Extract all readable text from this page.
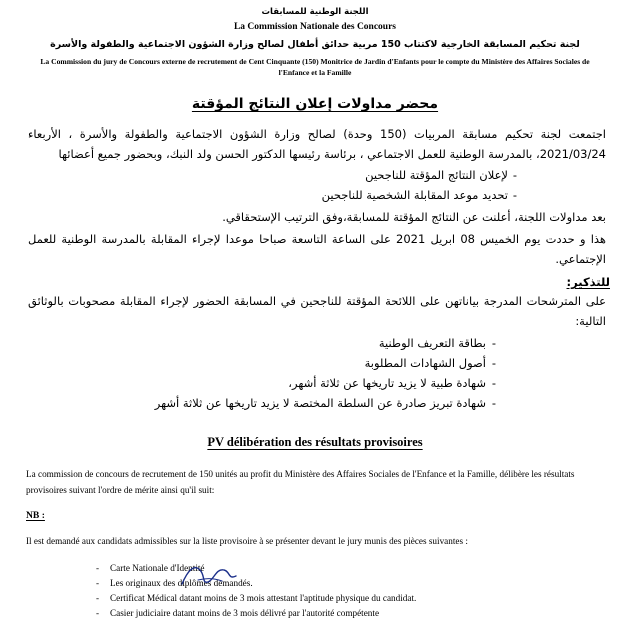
اللجنة الوطنية للمسابقات
La Commission Nationale des Concours
لجنة تحكيم المسابقة الخارجية لاكتتاب 150 مربية حدائق أطفال لصالح وزارة الشؤون الاجتماعية والطفولة والأسرة
La Commission du jury de Concours externe de recrutement de Cent Cinquante (150) Monitrice de Jardin d'Enfants pour le compte du Ministère des Affaires Sociales de l'Enfance et la Famille
محضر مداولات إعلان النتائج المؤقتة

اجتمعت لجنة تحكيم مسابقة المربيات (150 وحدة) لصالح وزارة الشؤون الاجتماعية والطفولة والأسرة ، الأربعاء 2021/03/24، بالمدرسة الوطنية للعمل الاجتماعي ، برئاسة رئيسها الدكتور الحسن ولد النبك، وبحضور جميع أعضائها

-
لإعلان النتائج المؤقتة للناجحين
-
تحديد موعد المقابلة الشخصية للناجحين

بعد مداولات اللجنة، أعلنت عن النتائج المؤقتة للمسابقة،وفق الترتيب الإستحقاقي.

هذا و حددت يوم الخميس 08 ابريل 2021 على الساعة التاسعة صباحا موعدا لإجراء المقابلة بالمدرسة الوطنية للعمل الإجتماعي.

للتذكير:

على المترشحات المدرجة بياناتهن على اللائحة المؤقتة للناجحين في المسابقة الحضور لإجراء المقابلة مصحوبات بالوثائق التالية:

-
بطاقة التعريف الوطنية
-
أصول الشهادات المطلوبة
-
شهادة طبية لا يزيد تاريخها عن ثلاثة أشهر،
-
شهادة تبريز صادرة عن السلطة المختصة لا يزيد تاريخها عن ثلاثة أشهر
PV délibération des résultats provisoires

La commission de concours de recrutement de 150 unités au profit du Ministère des Affaires Sociales de l'Enfance et la Famille, délibère les résultats provisoires suivant l'ordre de mérite ainsi qu'il suit:

NB :

Il est demandé aux candidats admissibles sur la liste provisoire à se présenter devant le jury munis des pièces suivantes :

-	Carte Nationale d'Identité
-	Les originaux des diplômes demandés.
-	Certificat Médical datant moins de 3 mois attestant l'aptitude physique du candidat.
-	Casier judiciaire datant moins de 3 mois délivré par l'autorité compétente
